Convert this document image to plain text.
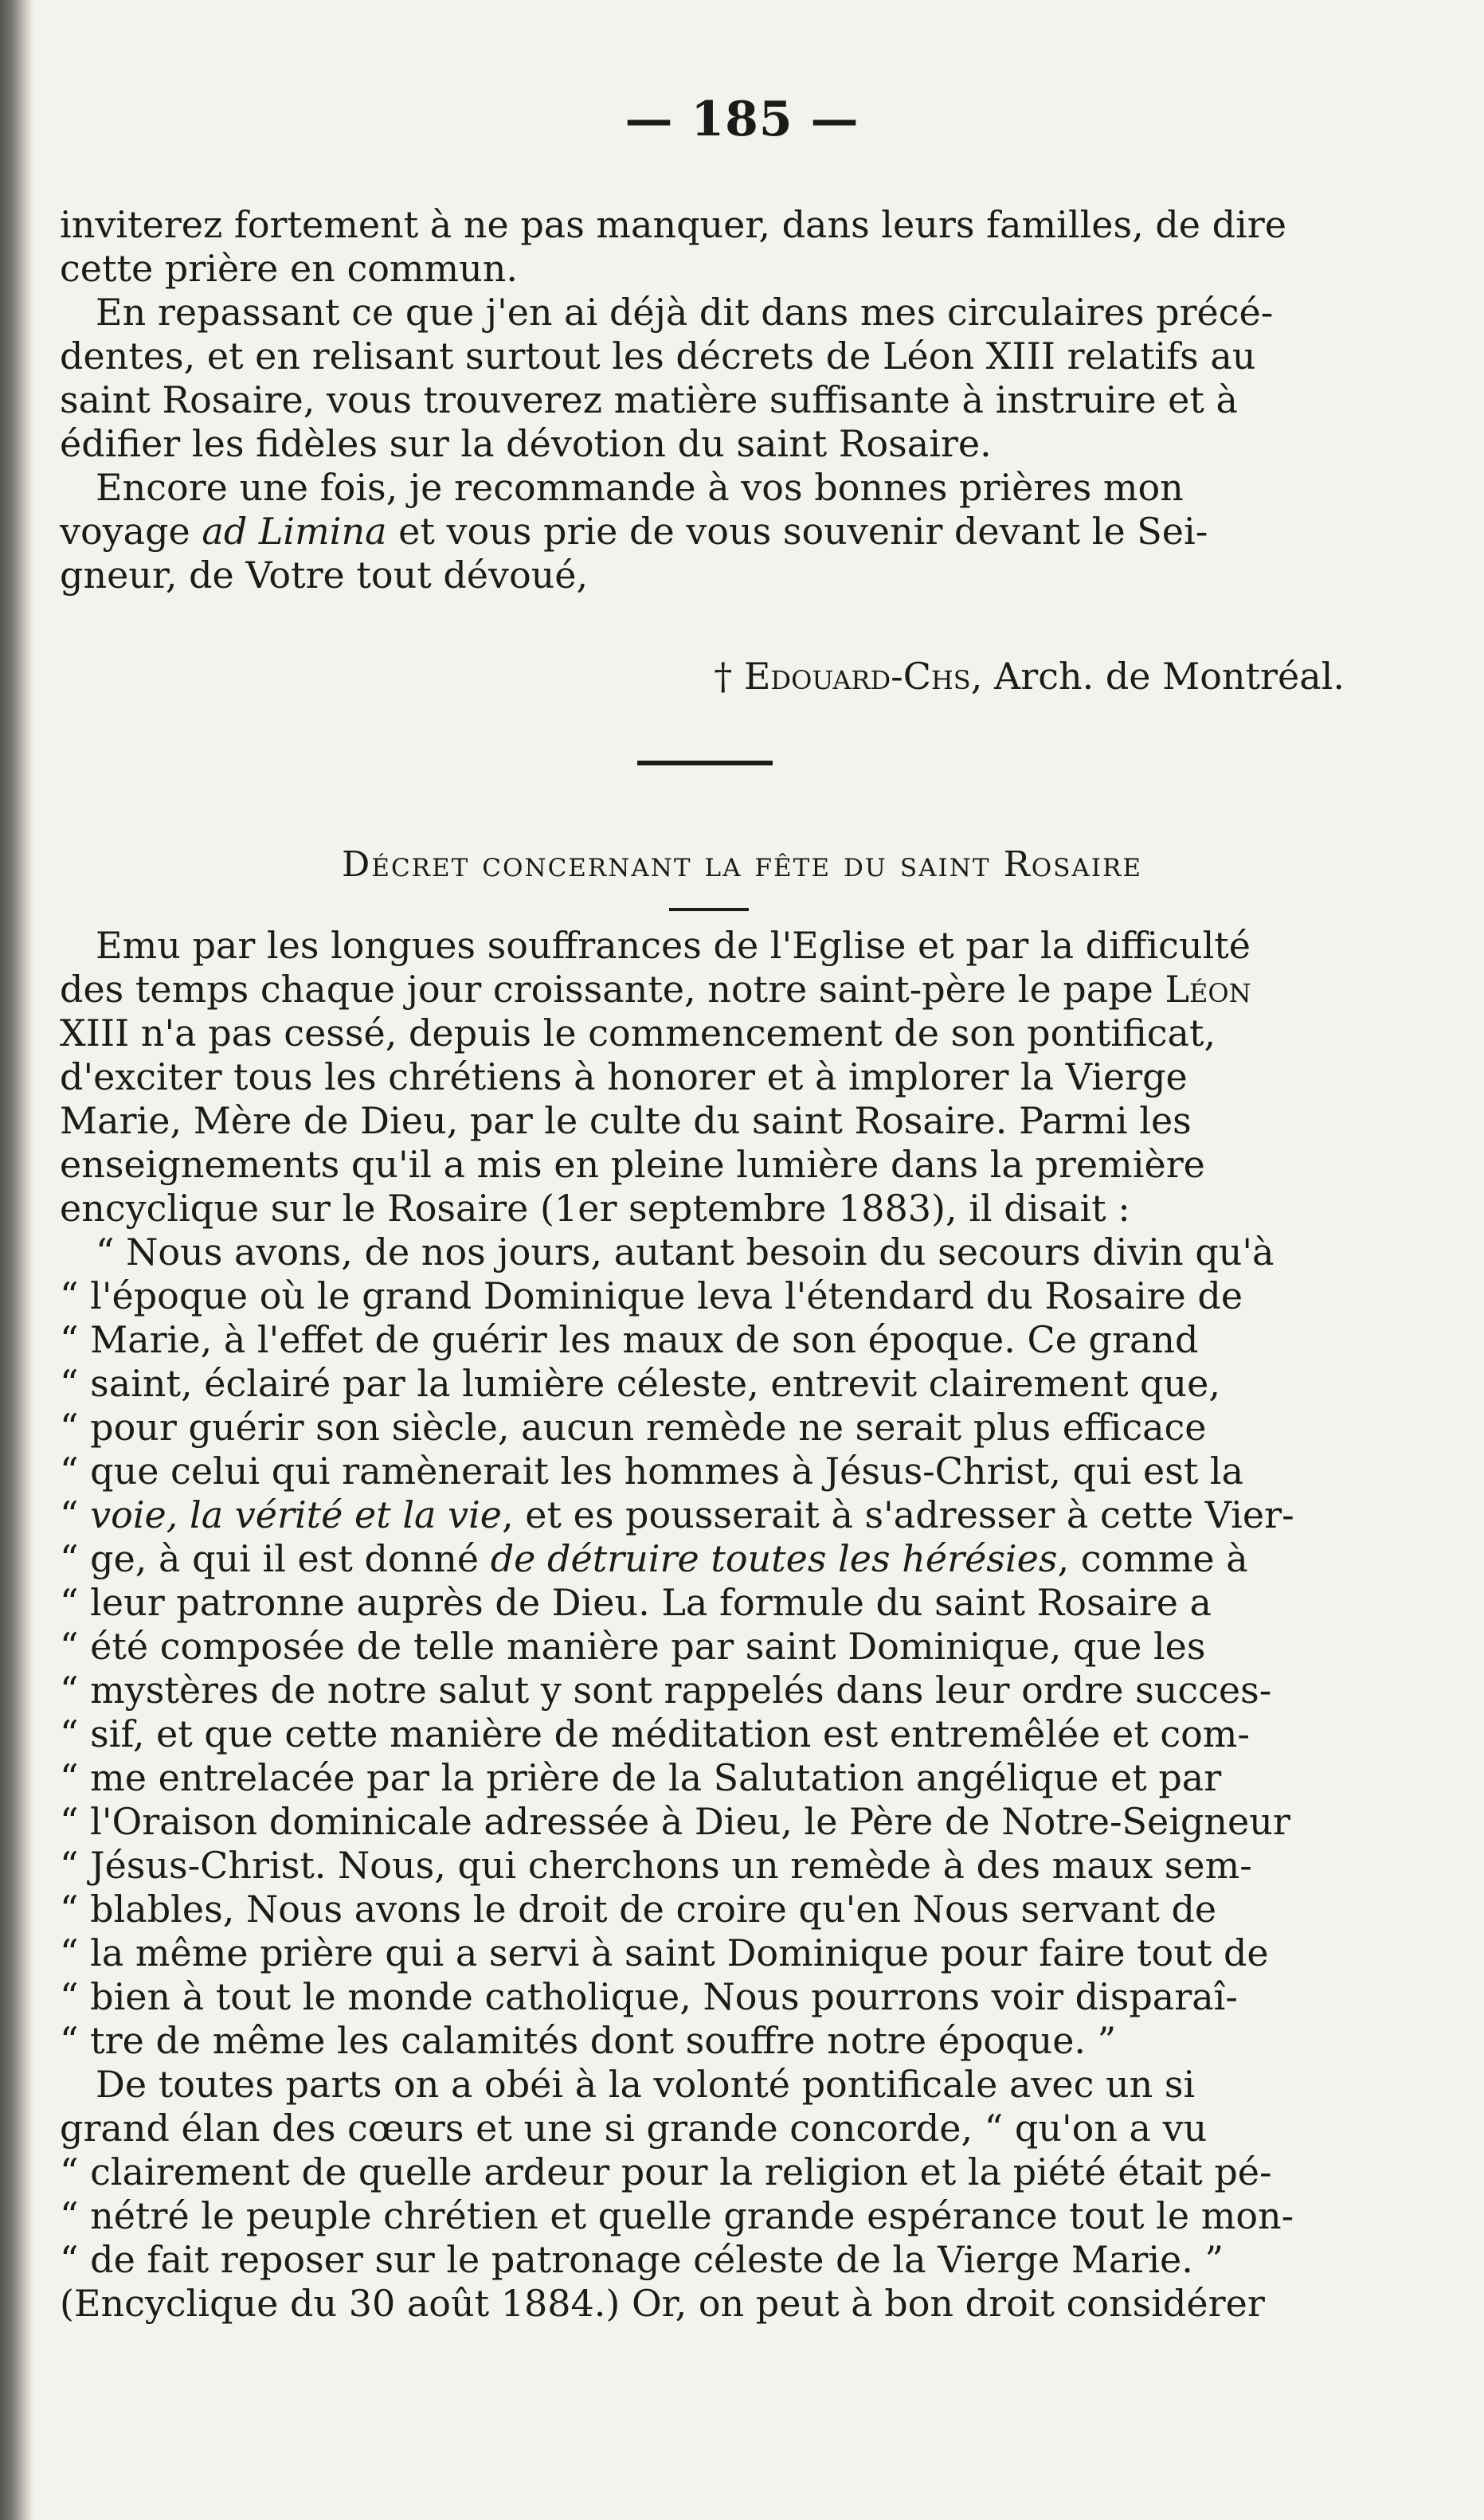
— 185 —

inviterez fortement à ne pas manquer, dans leurs familles, de dire
cette prière en commun.

En repassant ce que j'en ai déjà dit dans mes circulaires précé-
dentes, et en relisant surtout les décrets de Léon XIII relatifs au
saint Rosaire, vous trouverez matière suffisante à instruire et à
édifier les fidèles sur la dévotion du saint Rosaire.

Encore une fois, je recommande à vos bonnes prières mon
voyage ad Limina et vous prie de vous souvenir devant le Sei-
gneur, de Votre tout dévoué,

† Edouard-Chs, Arch. de Montréal.
Décret concernant la fête du saint Rosaire

Emu par les longues souffrances de l'Eglise et par la difficulté
des temps chaque jour croissante, notre saint-père le pape Léon
XIII n'a pas cessé, depuis le commencement de son pontificat,
d'exciter tous les chrétiens à honorer et à implorer la Vierge
Marie, Mère de Dieu, par le culte du saint Rosaire. Parmi les
enseignements qu'il a mis en pleine lumière dans la première
encyclique sur le Rosaire (1er septembre 1883), il disait :

“ Nous avons, de nos jours, autant besoin du secours divin qu'à
“ l'époque où le grand Dominique leva l'étendard du Rosaire de
“ Marie, à l'effet de guérir les maux de son époque. Ce grand
“ saint, éclairé par la lumière céleste, entrevit clairement que,
“ pour guérir son siècle, aucun remède ne serait plus efficace
“ que celui qui ramènerait les hommes à Jésus-Christ, qui est la
“ voie, la vérité et la vie, et es pousserait à s'adresser à cette Vier-
“ ge, à qui il est donné de détruire toutes les hérésies, comme à
“ leur patronne auprès de Dieu. La formule du saint Rosaire a
“ été composée de telle manière par saint Dominique, que les
“ mystères de notre salut y sont rappelés dans leur ordre succes-
“ sif, et que cette manière de méditation est entremêlée et com-
“ me entrelacée par la prière de la Salutation angélique et par
“ l'Oraison dominicale adressée à Dieu, le Père de Notre-Seigneur
“ Jésus-Christ. Nous, qui cherchons un remède à des maux sem-
“ blables, Nous avons le droit de croire qu'en Nous servant de
“ la même prière qui a servi à saint Dominique pour faire tout de
“ bien à tout le monde catholique, Nous pourrons voir disparaî-
“ tre de même les calamités dont souffre notre époque. ”

De toutes parts on a obéi à la volonté pontificale avec un si
grand élan des cœurs et une si grande concorde, “ qu'on a vu
“ clairement de quelle ardeur pour la religion et la piété était pé-
“ nétré le peuple chrétien et quelle grande espérance tout le mon-
“ de fait reposer sur le patronage céleste de la Vierge Marie. ”
(Encyclique du 30 août 1884.) Or, on peut à bon droit considérer
